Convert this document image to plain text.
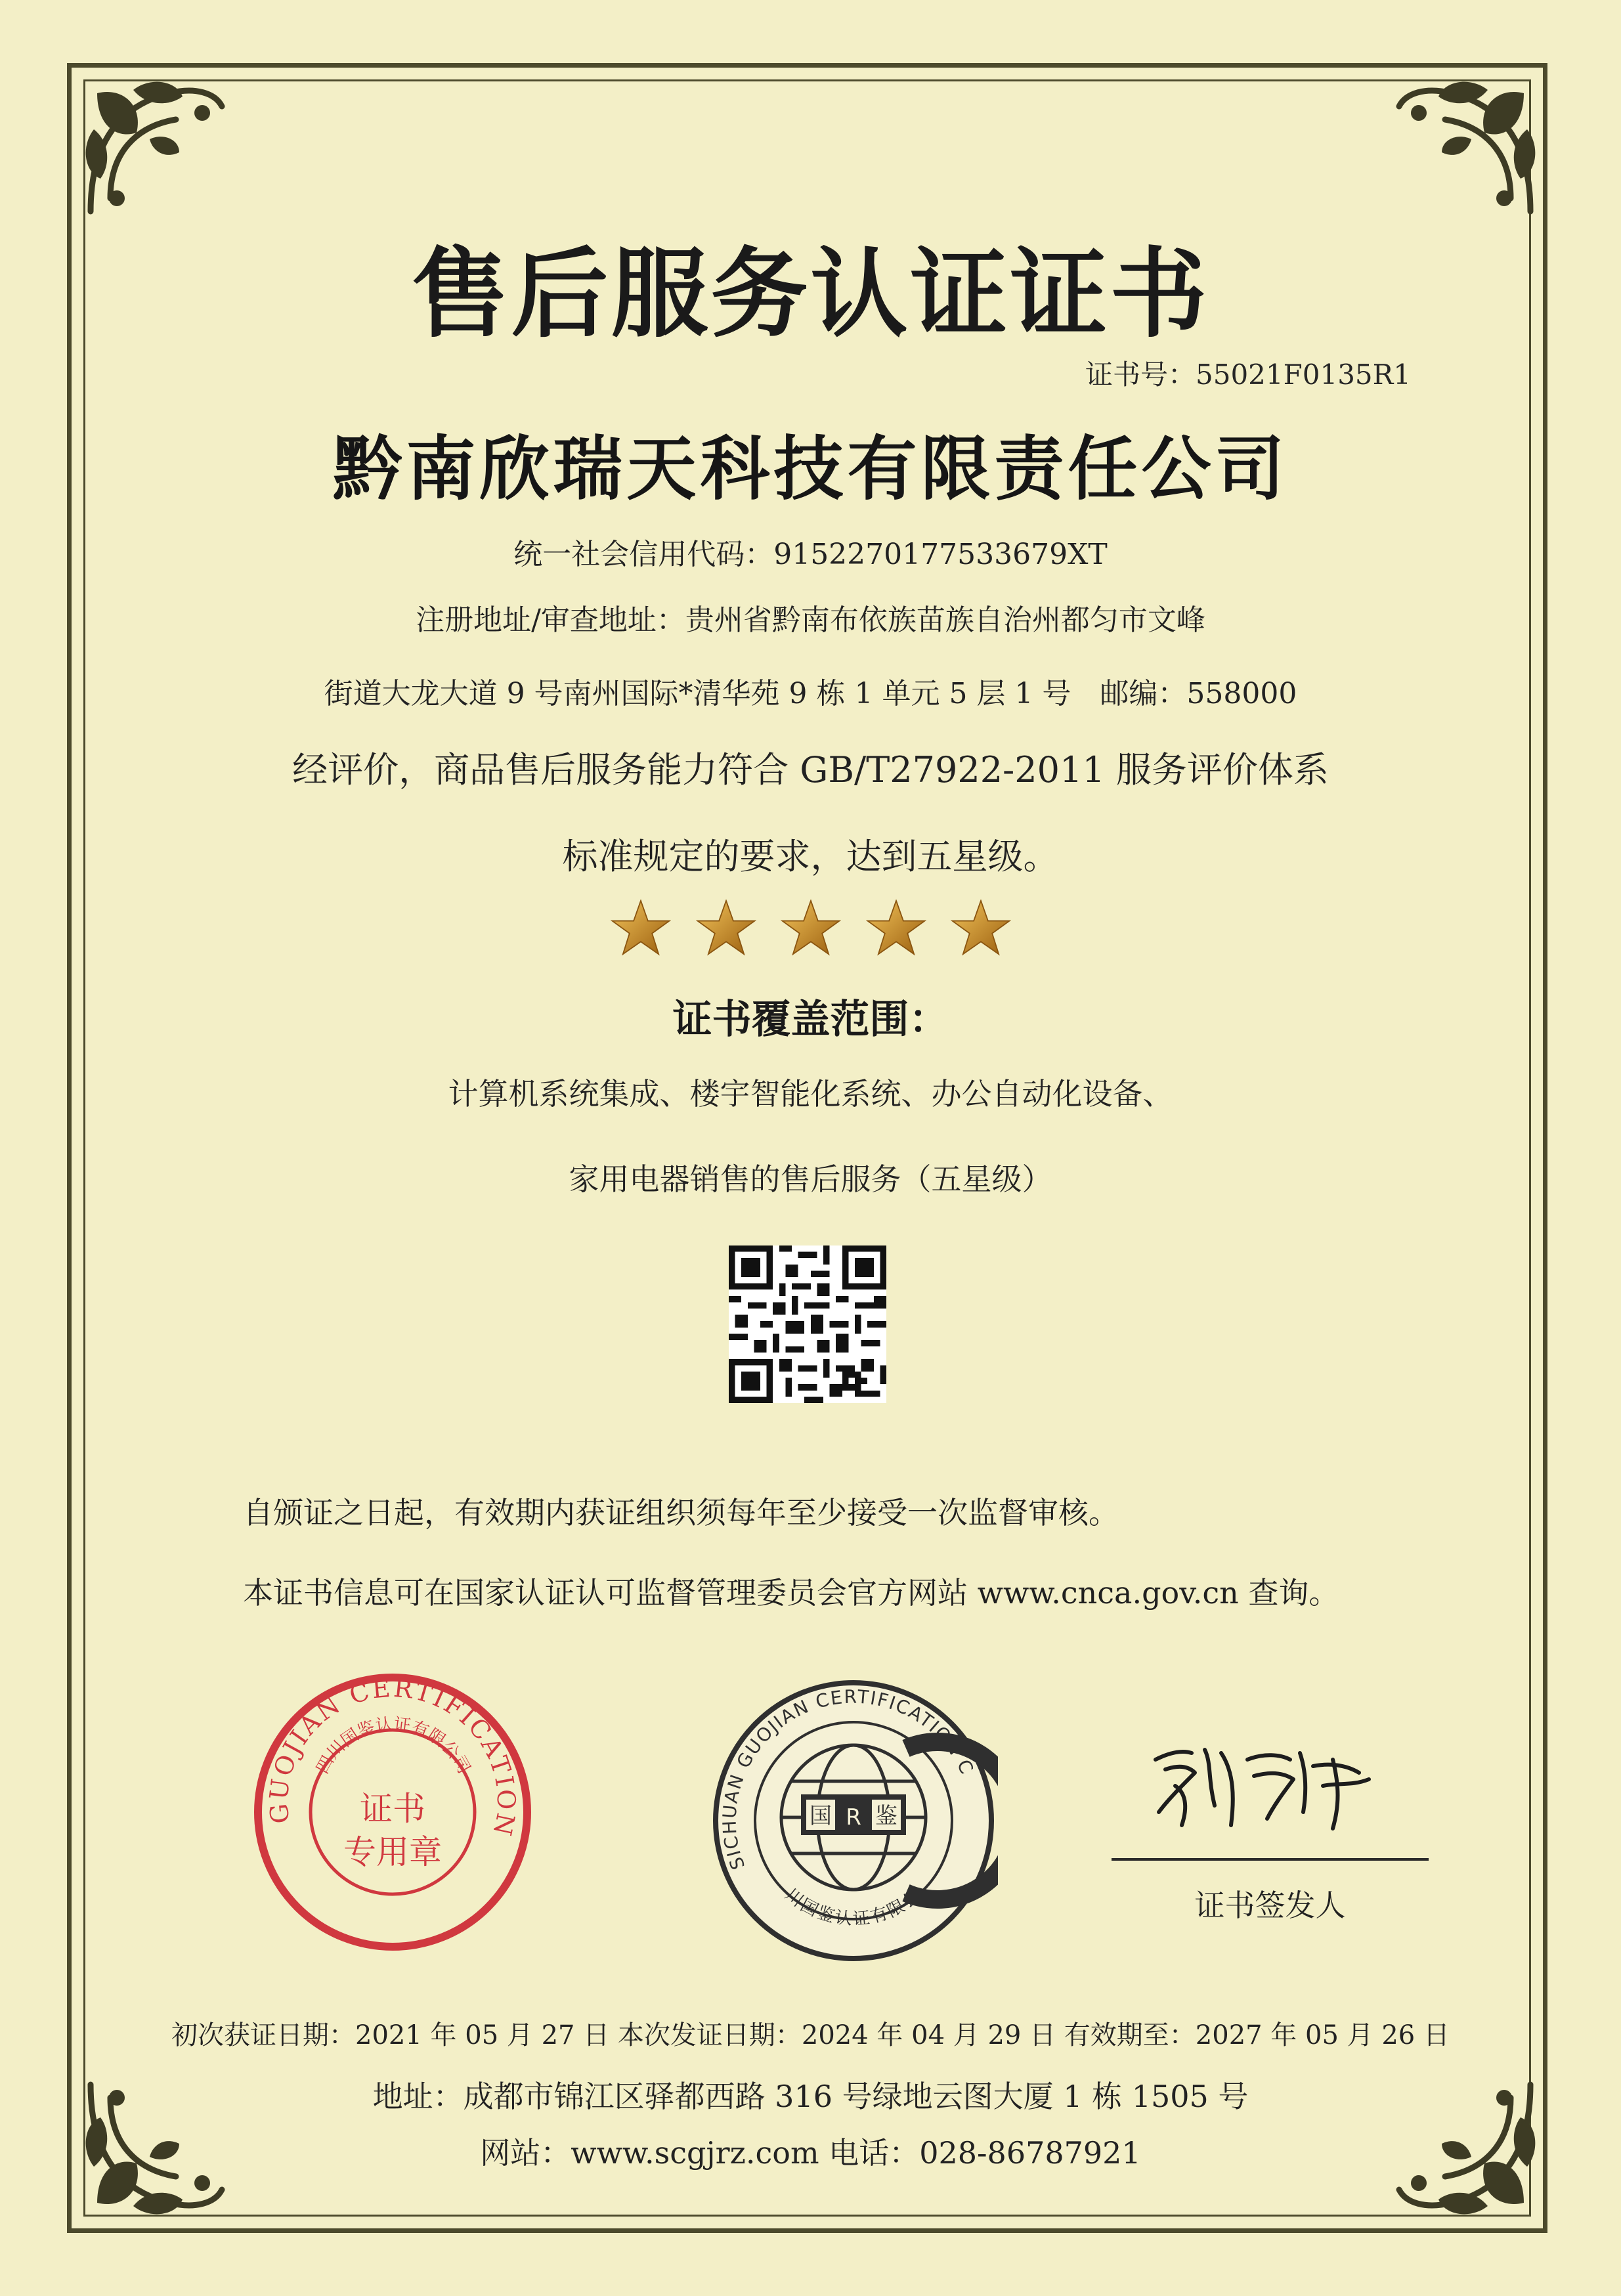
售后服务认证证书
证书号：55021F0135R1
黔南欣瑞天科技有限责任公司
统一社会信用代码：9152270177533679XT
注册地址/审查地址：贵州省黔南布依族苗族自治州都匀市文峰
街道大龙大道 9 号南州国际*清华苑 9 栋 1 单元 5 层 1 号　邮编：558000
经评价，商品售后服务能力符合 GB/T27922-2011 服务评价体系
标准规定的要求，达到五星级。
证书覆盖范围：
计算机系统集成、楼宇智能化系统、办公自动化设备、
家用电器销售的售后服务（五星级）
自颁证之日起，有效期内获证组织须每年至少接受一次监督审核。
本证书信息可在国家认证认可监督管理委员会官方网站 www.cnca.gov.cn 查询。
GUOJIAN CERTIFICATION
四川国鉴认证有限公司
证书
专用章	SICHUAN GUOJIAN CERTIFICATION C
川国鉴认证有限公
国 R 鉴
证书签发人
初次获证日期：2021 年 05 月 27 日 本次发证日期：2024 年 04 月 29 日 有效期至：2027 年 05 月 26 日
地址：成都市锦江区驿都西路 316 号绿地云图大厦 1 栋 1505 号
网站：www.scgjrz.com 电话：028-86787921
